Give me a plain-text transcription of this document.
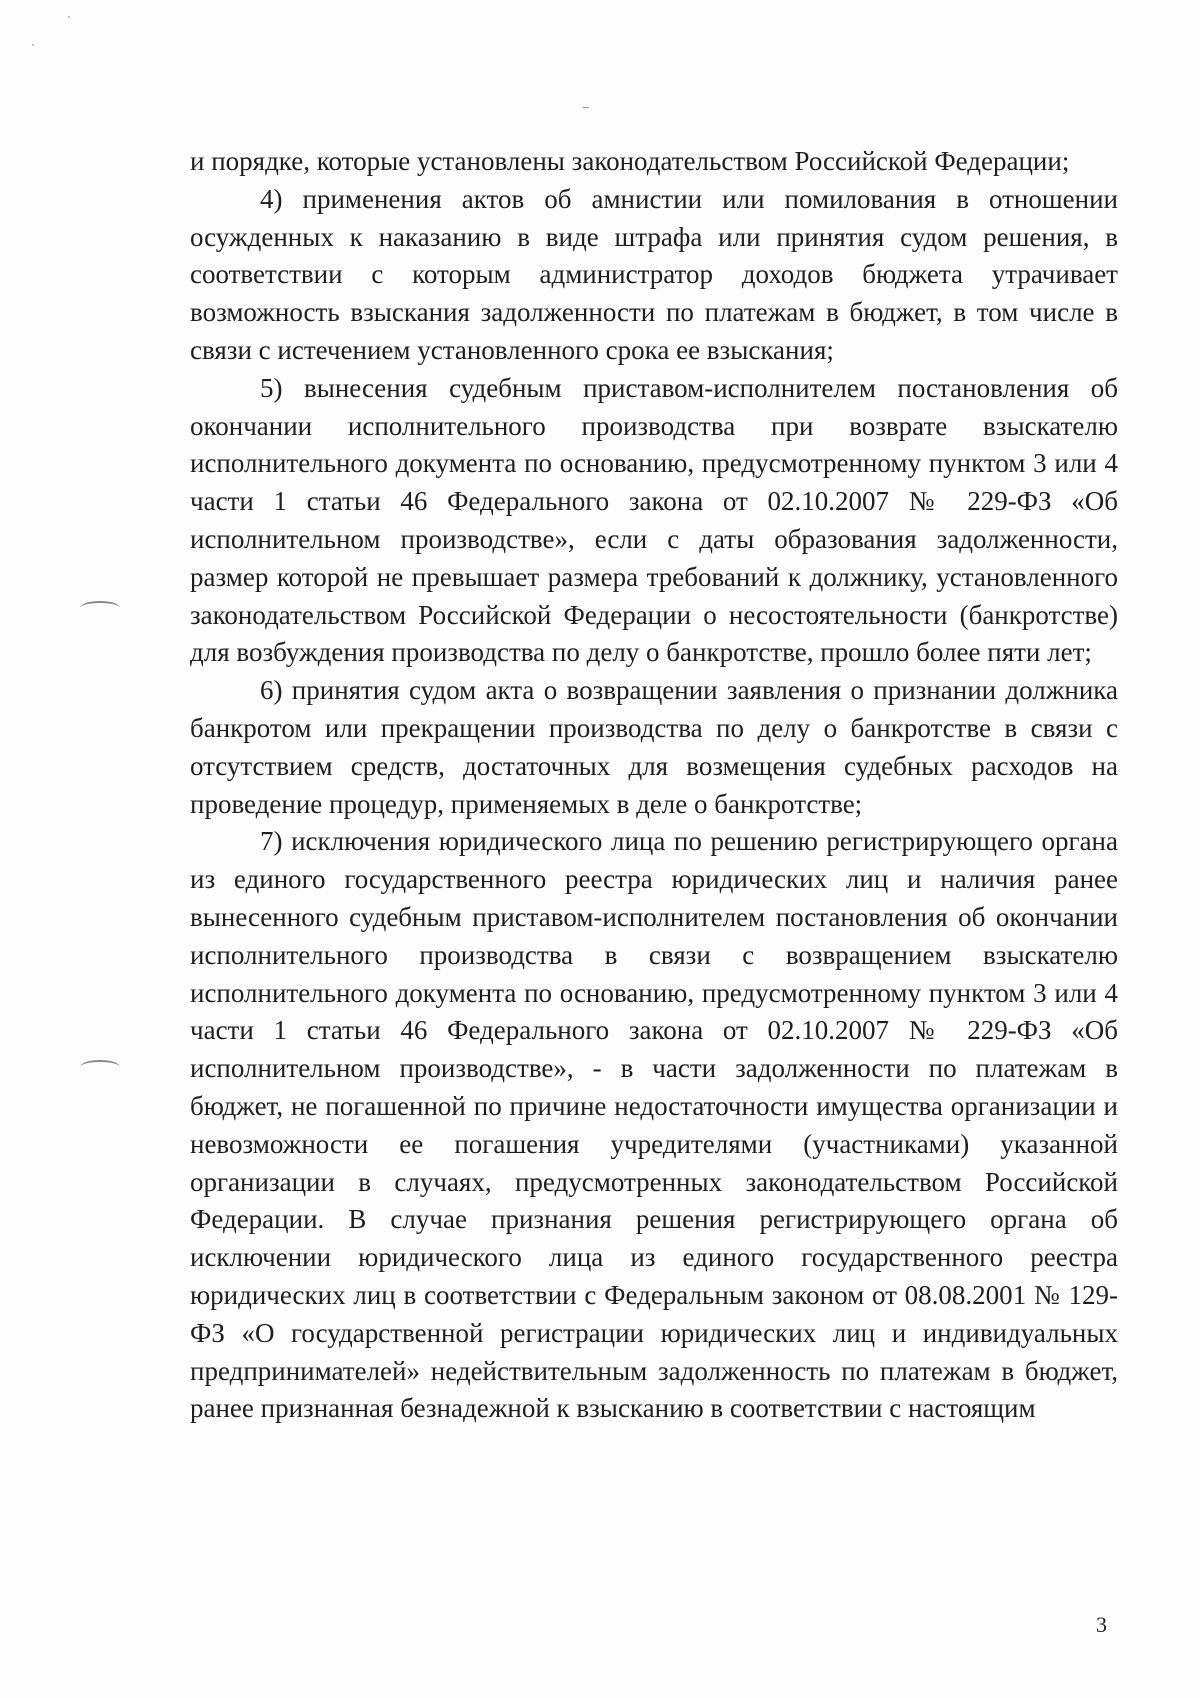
и порядке, которые установлены законодательством Российской Федерации;

4) применения актов об амнистии или помилования в отношении осужденных к наказанию в виде штрафа или принятия судом решения, в соответствии с которым администратор доходов бюджета утрачивает возможность взыскания задолженности по платежам в бюджет, в том числе в связи с истечением установленного срока ее взыскания;

5) вынесения судебным приставом-исполнителем постановления об окончании исполнительного производства при возврате взыскателю исполнительного документа по основанию, предусмотренному пунктом 3 или 4 части 1 статьи 46 Федерального закона от 02.10.2007 № 229-ФЗ «Об исполнительном производстве», если с даты образования задолженности, размер которой не превышает размера требований к должнику, установленного законодательством Российской Федерации о несостоятельности (банкротстве) для возбуждения производства по делу о банкротстве, прошло более пяти лет;

6) принятия судом акта о возвращении заявления о признании должника банкротом или прекращении производства по делу о банкротстве в связи с отсутствием средств, достаточных для возмещения судебных расходов на проведение процедур, применяемых в деле о банкротстве;

7) исключения юридического лица по решению регистрирующего органа из единого государственного реестра юридических лиц и наличия ранее вынесенного судебным приставом-исполнителем постановления об окончании исполнительного производства в связи с возвращением взыскателю исполнительного документа по основанию, предусмотренному пунктом 3 или 4 части 1 статьи 46 Федерального закона от 02.10.2007 № 229-ФЗ «Об исполнительном производстве», - в части задолженности по платежам в бюджет, не погашенной по причине недостаточности имущества организации и невозможности ее погашения учредителями (участниками) указанной организации в случаях, предусмотренных законодательством Российской Федерации. В случае признания решения регистрирующего органа об исключении юридического лица из единого государственного реестра юридических лиц в соответствии с Федеральным законом от 08.08.2001 № 129-ФЗ «О государственной регистрации юридических лиц и индивидуальных предпринимателей» недействительным задолженность по платежам в бюджет, ранее признанная безнадежной к взысканию в соответствии с настоящим

3
